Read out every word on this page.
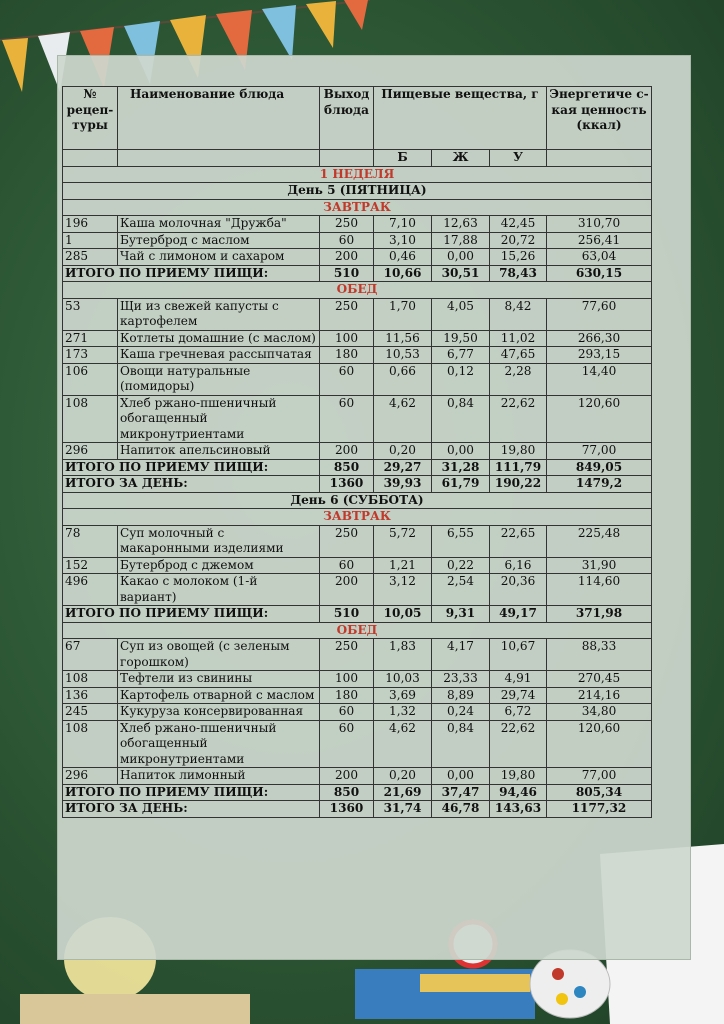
№ рецеп-туры	Наименование блюда	Выход блюда	Пищевые вещества, г			Энергетиче с-кая ценность (ккал)
			Б	Ж	У	
1 НЕДЕЛЯ						
День 5 (ПЯТНИЦА)						
ЗАВТРАК						
196	Каша молочная "Дружба"	250	7,10	12,63	42,45	310,70
1	Бутерброд с маслом	60	3,10	17,88	20,72	256,41
285	Чай с лимоном и сахаром	200	0,46	0,00	15,26	63,04
ИТОГО ПО ПРИЕМУ ПИЩИ:		510	10,66	30,51	78,43	630,15
ОБЕД						
53	Щи из свежей капусты с картофелем	250	1,70	4,05	8,42	77,60
271	Котлеты домашние (с маслом)	100	11,56	19,50	11,02	266,30
173	Каша гречневая рассыпчатая	180	10,53	6,77	47,65	293,15
106	Овощи натуральные (помидоры)	60	0,66	0,12	2,28	14,40
108	Хлеб ржано-пшеничный обогащенный микронутриентами	60	4,62	0,84	22,62	120,60
296	Напиток апельсиновый	200	0,20	0,00	19,80	77,00
ИТОГО ПО ПРИЕМУ ПИЩИ:		850	29,27	31,28	111,79	849,05
ИТОГО ЗА ДЕНЬ:		1360	39,93	61,79	190,22	1479,2
День 6 (СУББОТА)						
ЗАВТРАК						
78	Суп молочный с макаронными изделиями	250	5,72	6,55	22,65	225,48
152	Бутерброд с джемом	60	1,21	0,22	6,16	31,90
496	Какао с молоком (1-й вариант)	200	3,12	2,54	20,36	114,60
ИТОГО ПО ПРИЕМУ ПИЩИ:		510	10,05	9,31	49,17	371,98
ОБЕД						
67	Суп из овощей (с зеленым горошком)	250	1,83	4,17	10,67	88,33
108	Тефтели из свинины	100	10,03	23,33	4,91	270,45
136	Картофель отварной с маслом	180	3,69	8,89	29,74	214,16
245	Кукуруза консервированная	60	1,32	0,24	6,72	34,80
108	Хлеб ржано-пшеничный обогащенный микронутриентами	60	4,62	0,84	22,62	120,60
296	Напиток лимонный	200	0,20	0,00	19,80	77,00
ИТОГО ПО ПРИЕМУ ПИЩИ:		850	21,69	37,47	94,46	805,34
ИТОГО ЗА ДЕНЬ:		1360	31,74	46,78	143,63	1177,32
